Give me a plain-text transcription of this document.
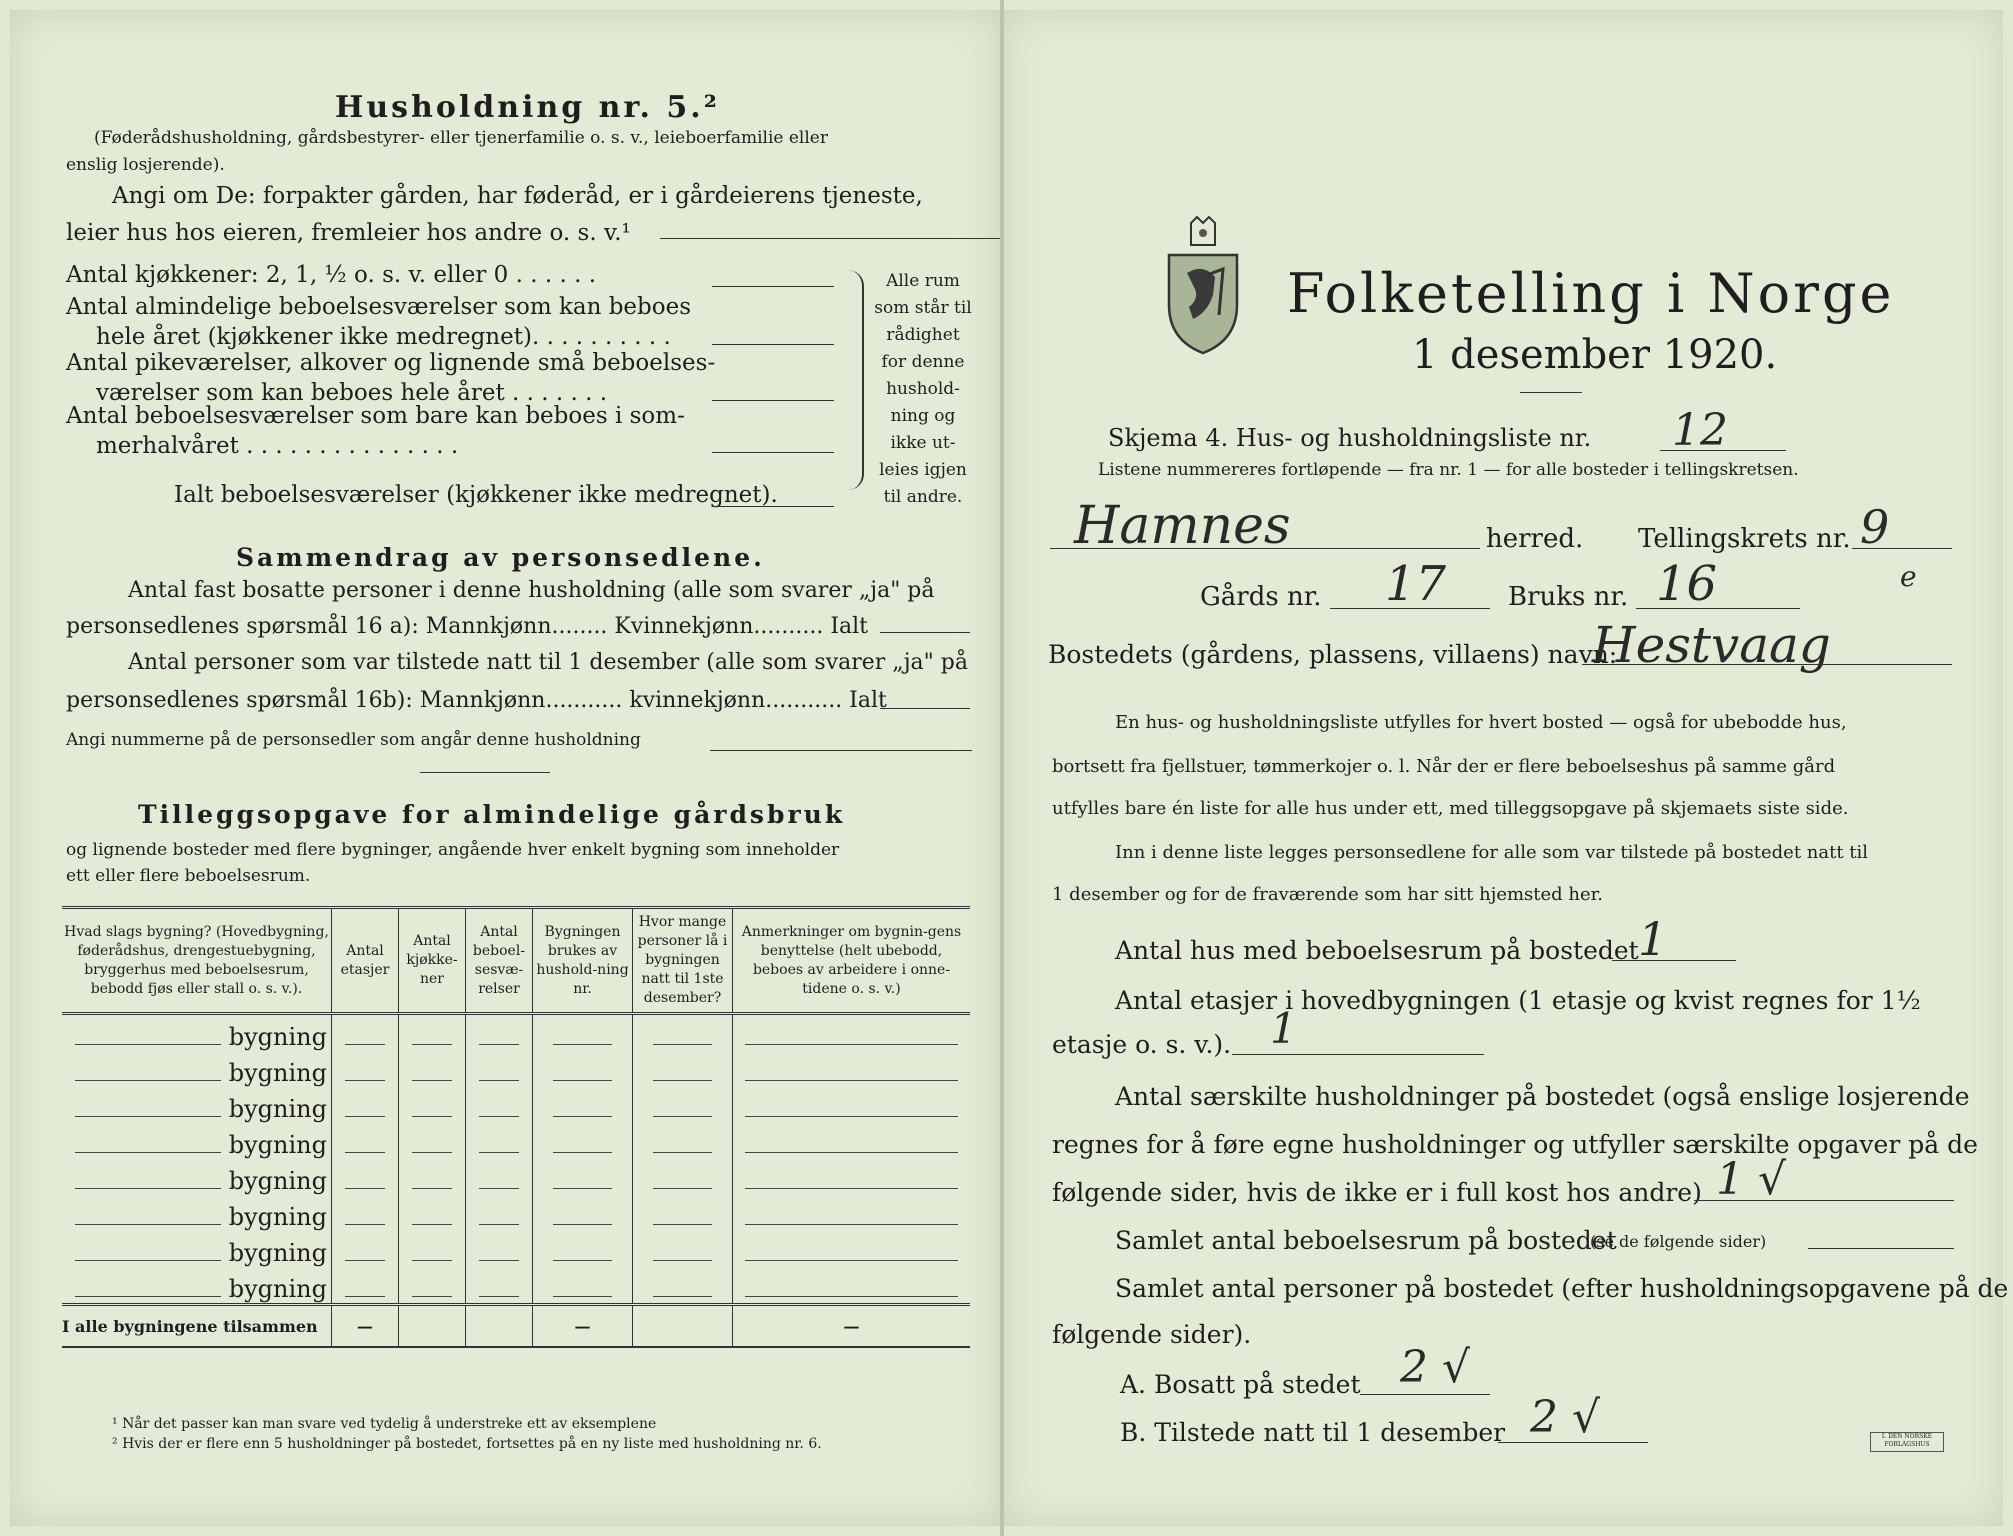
Husholdning nr. 5.²
(Føderådshusholdning, gårdsbestyrer- eller tjenerfamilie o. s. v., leieboerfamilie eller
enslig losjerende).
Angi om De: forpakter gården, har føderåd, er i gårdeierens tjeneste,
leier hus hos eieren, fremleier hos andre o. s. v.¹
Antal kjøkkener: 2, 1, ½ o. s. v. eller 0 . . . . . .
Antal almindelige beboelsesværelser som kan beboes
hele året (kjøkkener ikke medregnet). . . . . . . . . .
Antal pikeværelser, alkover og lignende små beboelses-
værelser som kan beboes hele året . . . . . . .
Antal beboelsesværelser som bare kan beboes i som-
merhalvåret . . . . . . . . . . . . . . .
Alle rum
som står til
rådighet
for denne
hushold-
ning og
ikke ut-
leies igjen
til andre.
Ialt beboelsesværelser (kjøkkener ikke medregnet).
Sammendrag av personsedlene.
Antal fast bosatte personer i denne husholdning (alle som svarer „ja" på
personsedlenes spørsmål 16 a): Mannkjønn........ Kvinnekjønn.......... Ialt
Antal personer som var tilstede natt til 1 desember (alle som svarer „ja" på
personsedlenes spørsmål 16b): Mannkjønn........... kvinnekjønn........... Ialt
Angi nummerne på de personsedler som angår denne husholdning
Tilleggsopgave for almindelige gårdsbruk
og lignende bosteder med flere bygninger, angående hver enkelt bygning som inneholder
ett eller flere beboelsesrum.
Hvad slags bygning? (Hovedbygning, føderådshus, drengestuebygning, bryggerhus med beboelsesrum, bebodd fjøs eller stall o. s. v.).	Antal etasjer	Antal kjøkke-ner	Antal beboel-sesvæ-relser	Bygningen brukes av hushold-ning nr.	Hvor mange personer lå i bygningen natt til 1ste desember?	Anmerkninger om bygnin-gens benyttelse (helt ubebodd, beboes av arbeidere i onne-tidene o. s. v.)
bygning						
bygning						
bygning						
bygning						
bygning						
bygning						
bygning						
bygning						
I alle bygningene tilsammen	—			—		—
¹ Når det passer kan man svare ved tydelig å understreke ett av eksemplene
² Hvis der er flere enn 5 husholdninger på bostedet, fortsettes på en ny liste med husholdning nr. 6.
Folketelling i Norge
1 desember 1920.
Skjema 4. Hus- og husholdningsliste nr. 12
Listene nummereres fortløpende — fra nr. 1 — for alle bosteder i tellingskretsen.
Hamnes	herred. Tellingskrets nr. 9
e
Gårds nr. 17 Bruks nr. 16
Bostedets (gårdens, plassens, villaens) navn:
Hestvaag
En hus- og husholdningsliste utfylles for hvert bosted — også for ubebodde hus,
bortsett fra fjellstuer, tømmerkojer o. l. Når der er flere beboelseshus på samme gård
utfylles bare én liste for alle hus under ett, med tilleggsopgave på skjemaets siste side.
Inn i denne liste legges personsedlene for alle som var tilstede på bostedet natt til
1 desember og for de fraværende som har sitt hjemsted her.
Antal hus med beboelsesrum på bostedet 1
Antal etasjer i hovedbygningen (1 etasje og kvist regnes for 1½
etasje o. s. v.). 1
Antal særskilte husholdninger på bostedet (også enslige losjerende
regnes for å føre egne husholdninger og utfyller særskilte opgaver på de
følgende sider, hvis de ikke er i full kost hos andre) 1 √
Samlet antal beboelsesrum på bostedet
(se de følgende sider)
Samlet antal personer på bostedet (efter husholdningsopgavene på de
følgende sider).
A. Bosatt på stedet 2 √
B. Tilstede natt til 1 desember 2 √	I. DEN NORSKE FORLAGSHUS
